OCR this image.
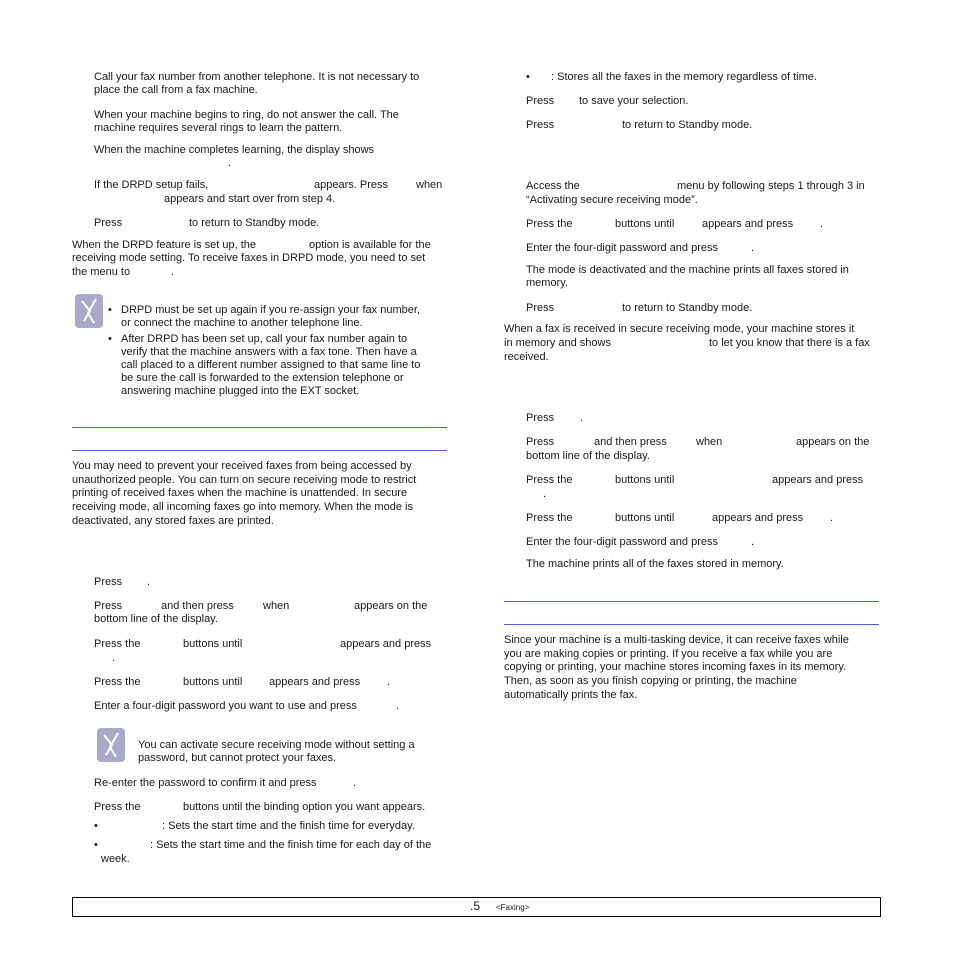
Call your fax number from another telephone. It is not necessary to
place the call from a fax machine.
When your machine begins to ring, do not answer the call. The
machine requires several rings to learn the pattern.
When the machine completes learning, the display shows
.
If the DRPD setup fails,	appears. Press	when
appears and start over from step 4.
Press	to return to Standby mode.
When the DRPD feature is set up, the	option is available for the
receiving mode setting. To receive faxes in DRPD mode, you need to set
the menu to	.
• DRPD must be set up again if you re-assign your fax number,
or connect the machine to another telephone line.
• After DRPD has been set up, call your fax number again to
verify that the machine answers with a fax tone. Then have a
call placed to a different number assigned to that same line to
be sure the call is forwarded to the extension telephone or
answering machine plugged into the EXT socket.
You may need to prevent your received faxes from being accessed by
unauthorized people. You can turn on secure receiving mode to restrict
printing of received faxes when the machine is unattended. In secure
receiving mode, all incoming faxes go into memory. When the mode is
deactivated, any stored faxes are printed.
Press .
Press	and then press	when	appears on the
bottom line of the display.
Press the	buttons until	appears and press
.
Press the	buttons until appears and press .
Enter a four-digit password you want to use and press	.
You can activate secure receiving mode without setting a
password, but cannot protect your faxes.
Re-enter the password to confirm it and press	.
Press the	buttons until the binding option you want appears.
•	: Sets the start time and the finish time for everyday.
•	: Sets the start time and the finish time for each day of the
week.
• : Stores all the faxes in the memory regardless of time.
Press to save your selection.
Press	to return to Standby mode.
Access the	menu by following steps 1 through 3 in
“Activating secure receiving mode”.
Press the	buttons until	appears and press .
Enter the four-digit password and press	.
The mode is deactivated and the machine prints all faxes stored in
memory.
Press	to return to Standby mode.
When a fax is received in secure receiving mode, your machine stores it
in memory and shows	to let you know that there is a fax
received.
Press .
Press	and then press	when	appears on the
bottom line of the display.
Press the	buttons until	appears and press
.
Press the	buttons until	appears and press .
Enter the four-digit password and press	.
The machine prints all of the faxes stored in memory.
Since your machine is a multi-tasking device, it can receive faxes while
you are making copies or printing. If you receive a fax while you are
copying or printing, your machine stores incoming faxes in its memory.
Then, as soon as you finish copying or printing, the machine
automatically prints the fax.
.5 <Faxing>
